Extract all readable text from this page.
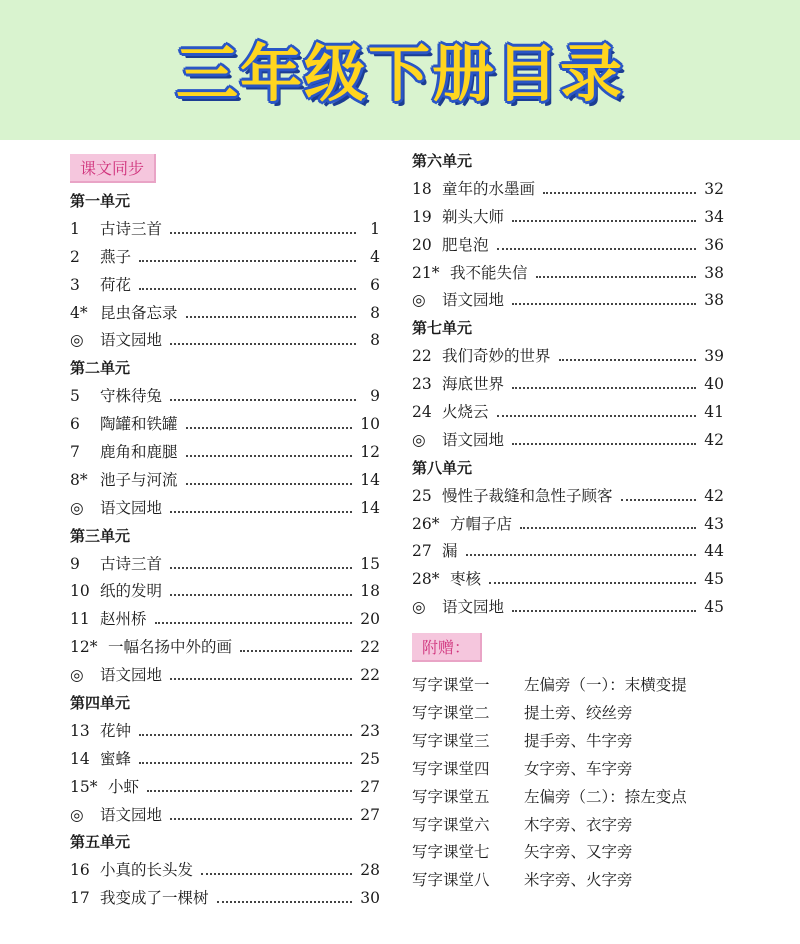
三年级下册目录
课文同步
第一单元
1	古诗三首	1
2	燕子	4
3	荷花	6
4* 昆虫备忘录	8
◎	语文园地	8
第二单元
5	守株待兔	9
6	陶罐和铁罐	10
7	鹿角和鹿腿	12
8* 池子与河流	14
◎	语文园地	14
第三单元
9	古诗三首	15
10 纸的发明	18
11 赵州桥	20
12* 一幅名扬中外的画	22
◎	语文园地	22
第四单元
13 花钟	23
14 蜜蜂	25
15* 小虾	27
◎	语文园地	27
第五单元
16 小真的长头发	28
17 我变成了一棵树	30
第六单元
18 童年的水墨画	32
19 剃头大师	34
20 肥皂泡	36
21* 我不能失信	38
◎	语文园地	38
第七单元
22 我们奇妙的世界	39
23 海底世界	40
24 火烧云	41
◎	语文园地	42
第八单元
25 慢性子裁缝和急性子顾客	42
26* 方帽子店	43
27 漏	44
28* 枣核	45
◎	语文园地	45
附赠：
写字课堂一 左偏旁（一）：末横变提
写字课堂二 提土旁、绞丝旁
写字课堂三 提手旁、牛字旁
写字课堂四 女字旁、车字旁
写字课堂五 左偏旁（二）：捺左变点
写字课堂六 木字旁、衣字旁
写字课堂七 矢字旁、又字旁
写字课堂八 米字旁、火字旁
